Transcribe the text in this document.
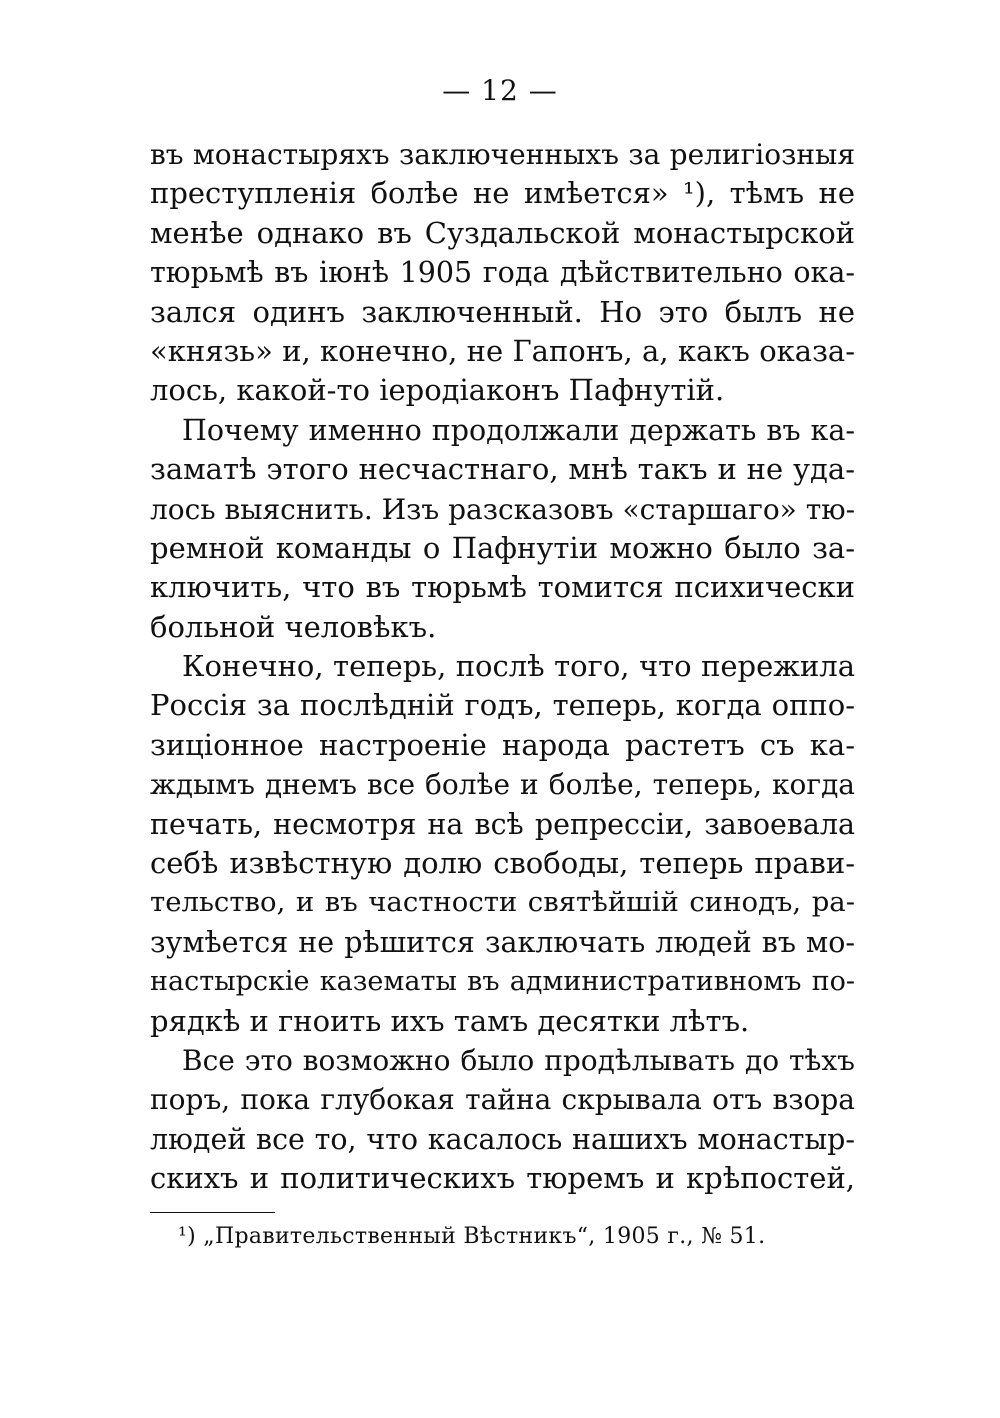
— 12 —
въ монастыряхъ заключенныхъ за религіозныя
преступленія болѣе не имѣется» ¹), тѣмъ не
менѣе однако въ Суздальской монастырской
тюрьмѣ въ іюнѣ 1905 года дѣйствительно ока-
зался одинъ заключенный. Но это былъ не
«князь» и, конечно, не Гапонъ, а, какъ оказа-
лось, какой-то іеродіаконъ Пафнутій.
Почему именно продолжали держать въ ка-
заматѣ этого несчастнаго, мнѣ такъ и не уда-
лось выяснить. Изъ разсказовъ «старшаго» тю-
ремной команды о Пафнутіи можно было за-
ключить, что въ тюрьмѣ томится психически
больной человѣкъ.
Конечно, теперь, послѣ того, что пережила
Россія за послѣдній годъ, теперь, когда оппо-
зиціонное настроеніе народа растетъ съ ка-
ждымъ днемъ все болѣе и болѣе, теперь, когда
печать, несмотря на всѣ репрессіи, завоевала
себѣ извѣстную долю свободы, теперь прави-
тельство, и въ частности святѣйшій синодъ, ра-
зумѣется не рѣшится заключать людей въ мо-
настырскіе казематы въ административномъ по-
рядкѣ и гноить ихъ тамъ десятки лѣтъ.
Все это возможно было продѣлывать до тѣхъ
поръ, пока глубокая тайна скрывала отъ взора
людей все то, что касалось нашихъ монастыр-
скихъ и политическихъ тюремъ и крѣпостей,
¹) „Правительственный Вѣстникъ“, 1905 г., № 51.
